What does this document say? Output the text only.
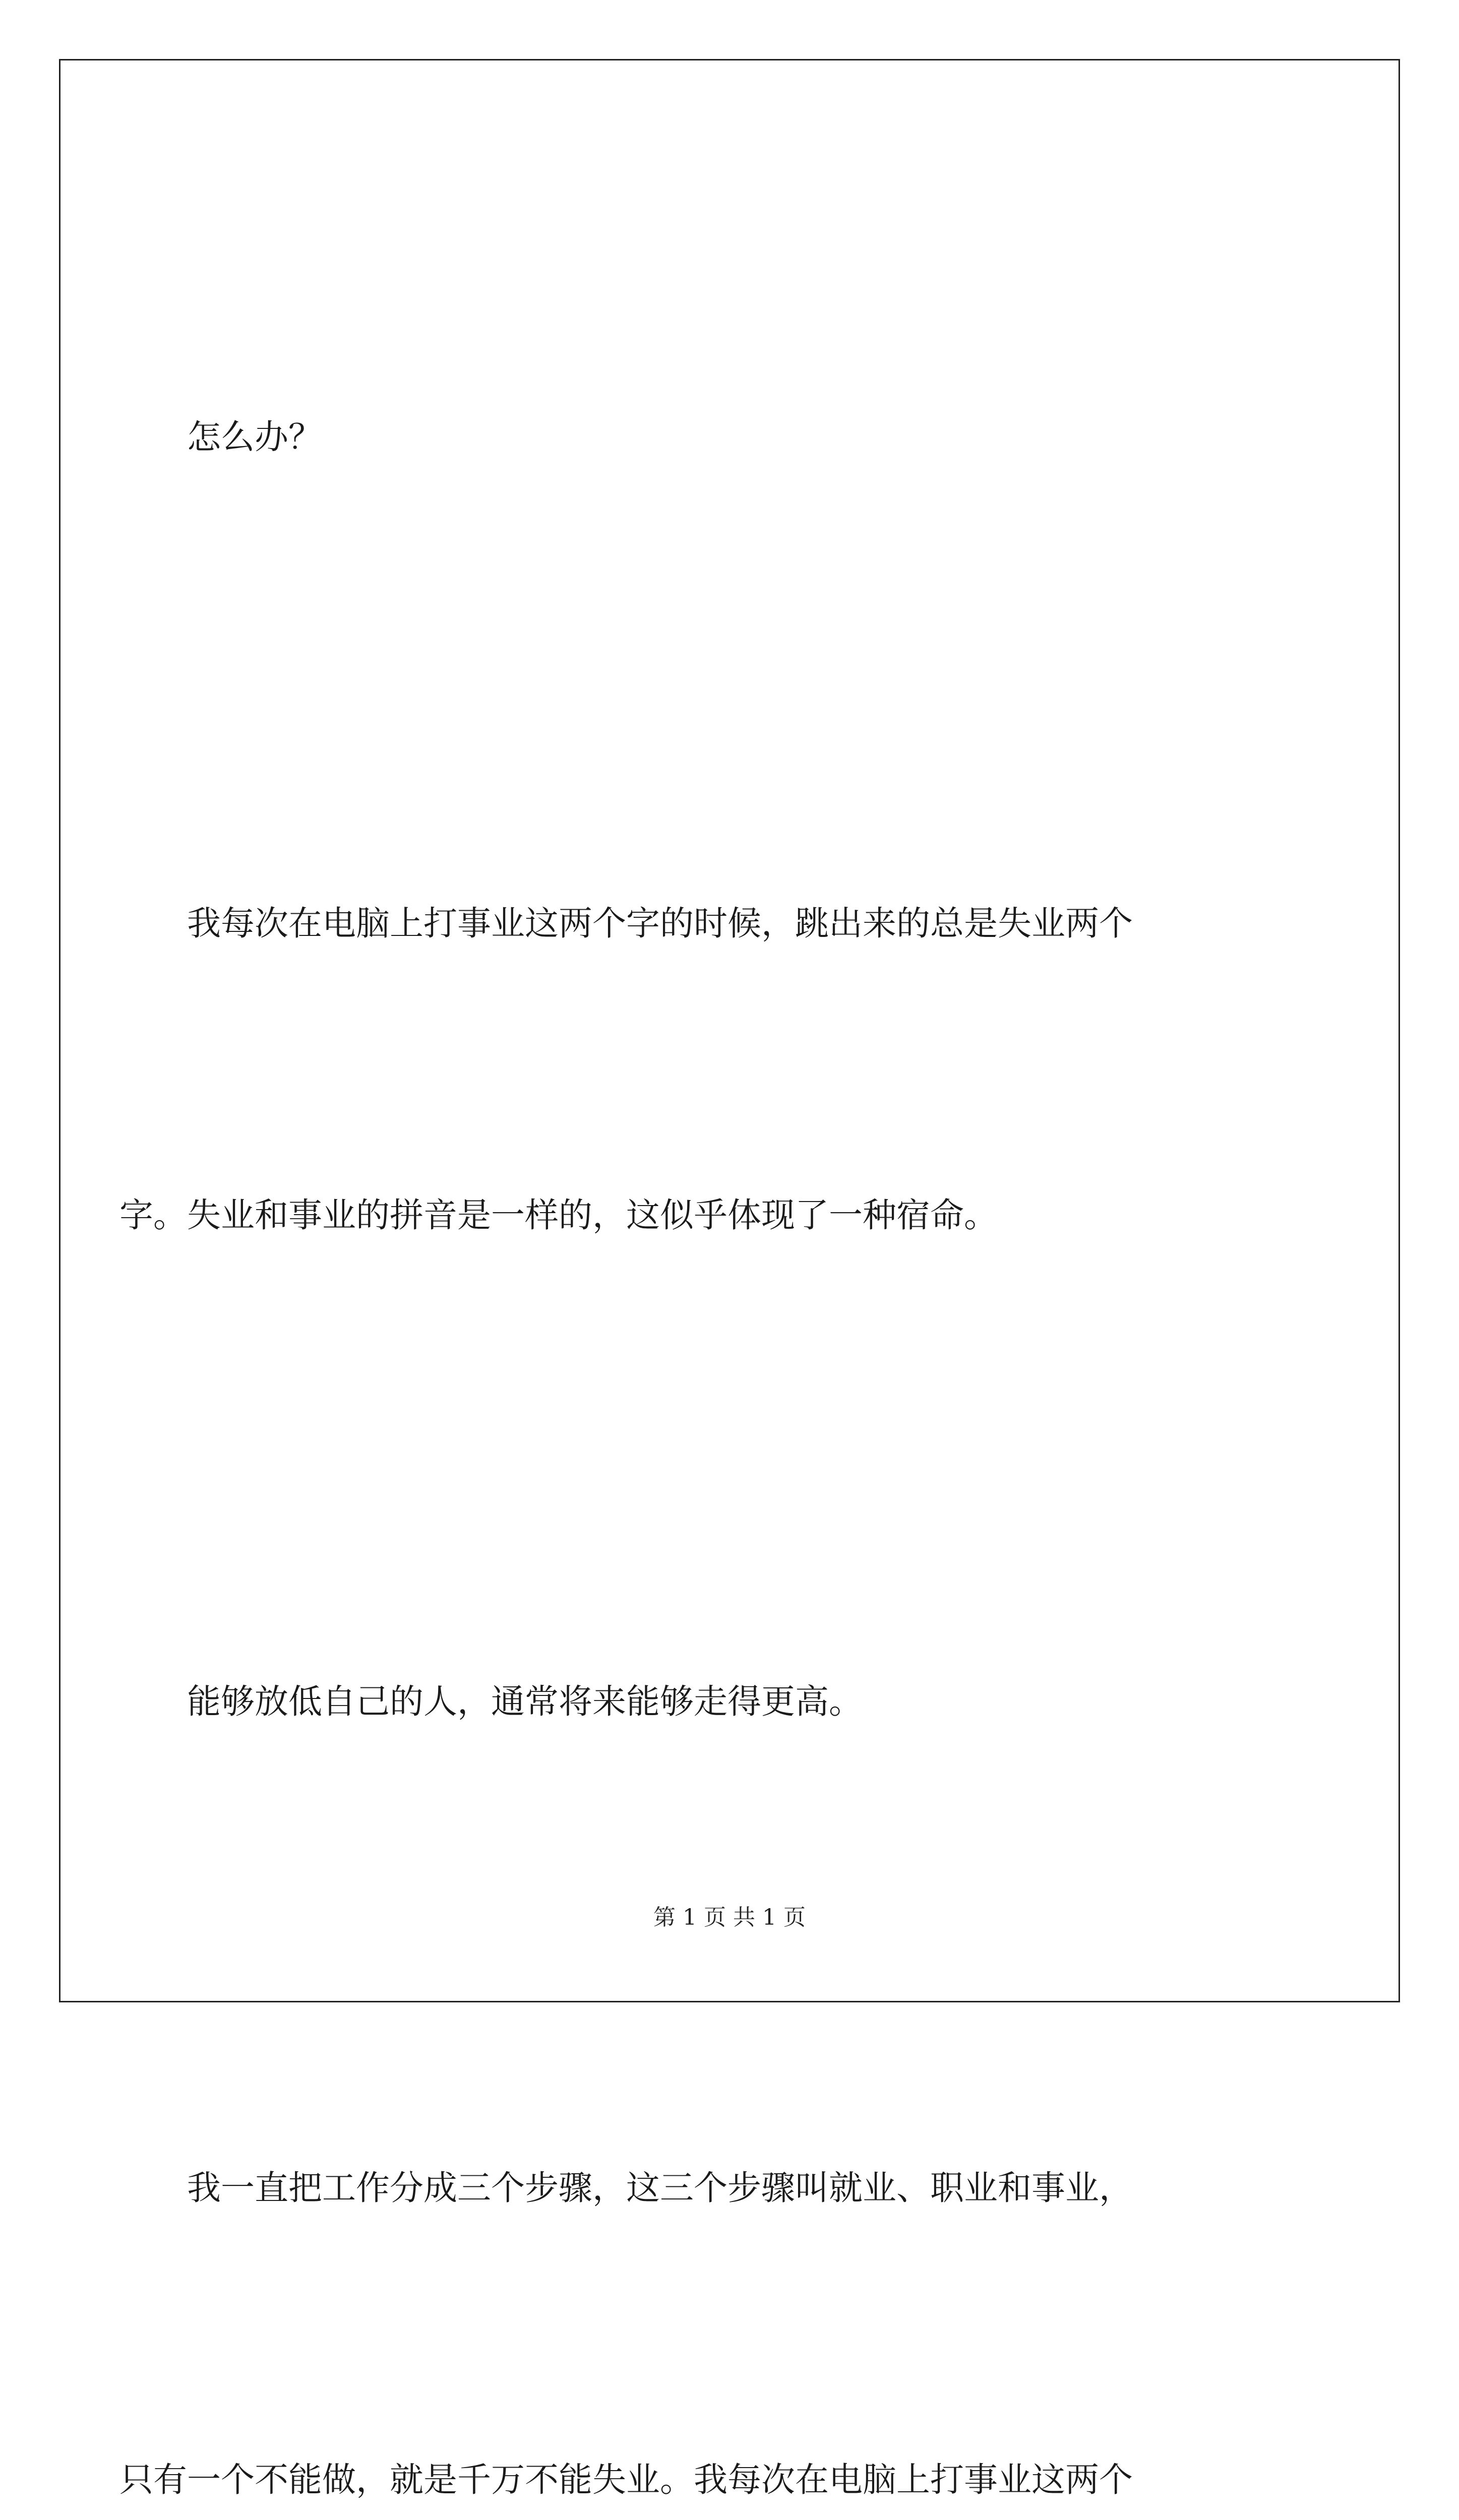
怎么办？

我每次在电脑上打事业这两个字的时候，跳出来的总是失业两个

字。失业和事业的拼音是一样的，这似乎体现了一种宿命。

能够放低自己的人，通常将来能够走得更高。

我一直把工作分成三个步骤，这三个步骤叫就业、职业和事业，

只有一个不能做，就是千万不能失业。我每次在电脑上打事业这两个

第 1 页 共 1 页
